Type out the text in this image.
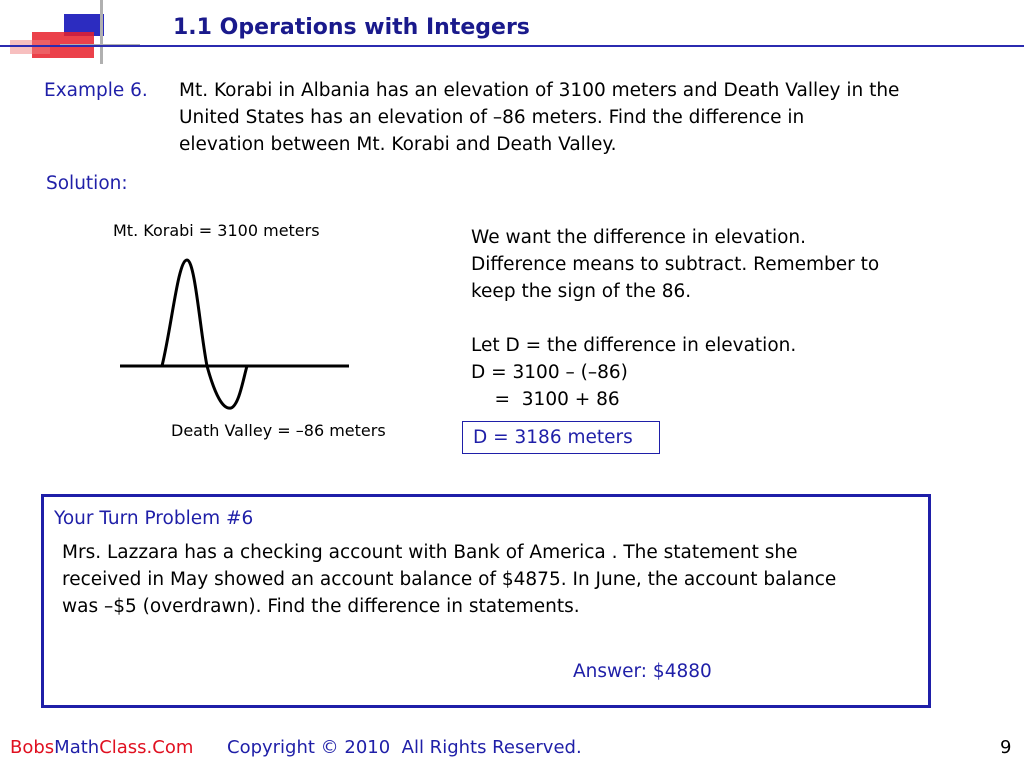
1.1 Operations with Integers
Example 6. Mt. Korabi in Albania has an elevation of 3100 meters and Death Valley in the
United States has an elevation of –86 meters. Find the difference in
elevation between Mt. Korabi and Death Valley.
Solution:
Mt. Korabi = 3100 meters
Death Valley = –86 meters
We want the difference in elevation.
Difference means to subtract. Remember to
keep the sign of the 86.
Let D = the difference in elevation.
D = 3100 – (–86)
=  3100 + 86
D = 3186 meters
Your Turn Problem #6
Mrs. Lazzara has a checking account with Bank of America . The statement she
received in May showed an account balance of $4875. In June, the account balance
was –$5 (overdrawn). Find the difference in statements.
Answer: $4880
BobsMathClass.Com Copyright © 2010  All Rights Reserved.	9
